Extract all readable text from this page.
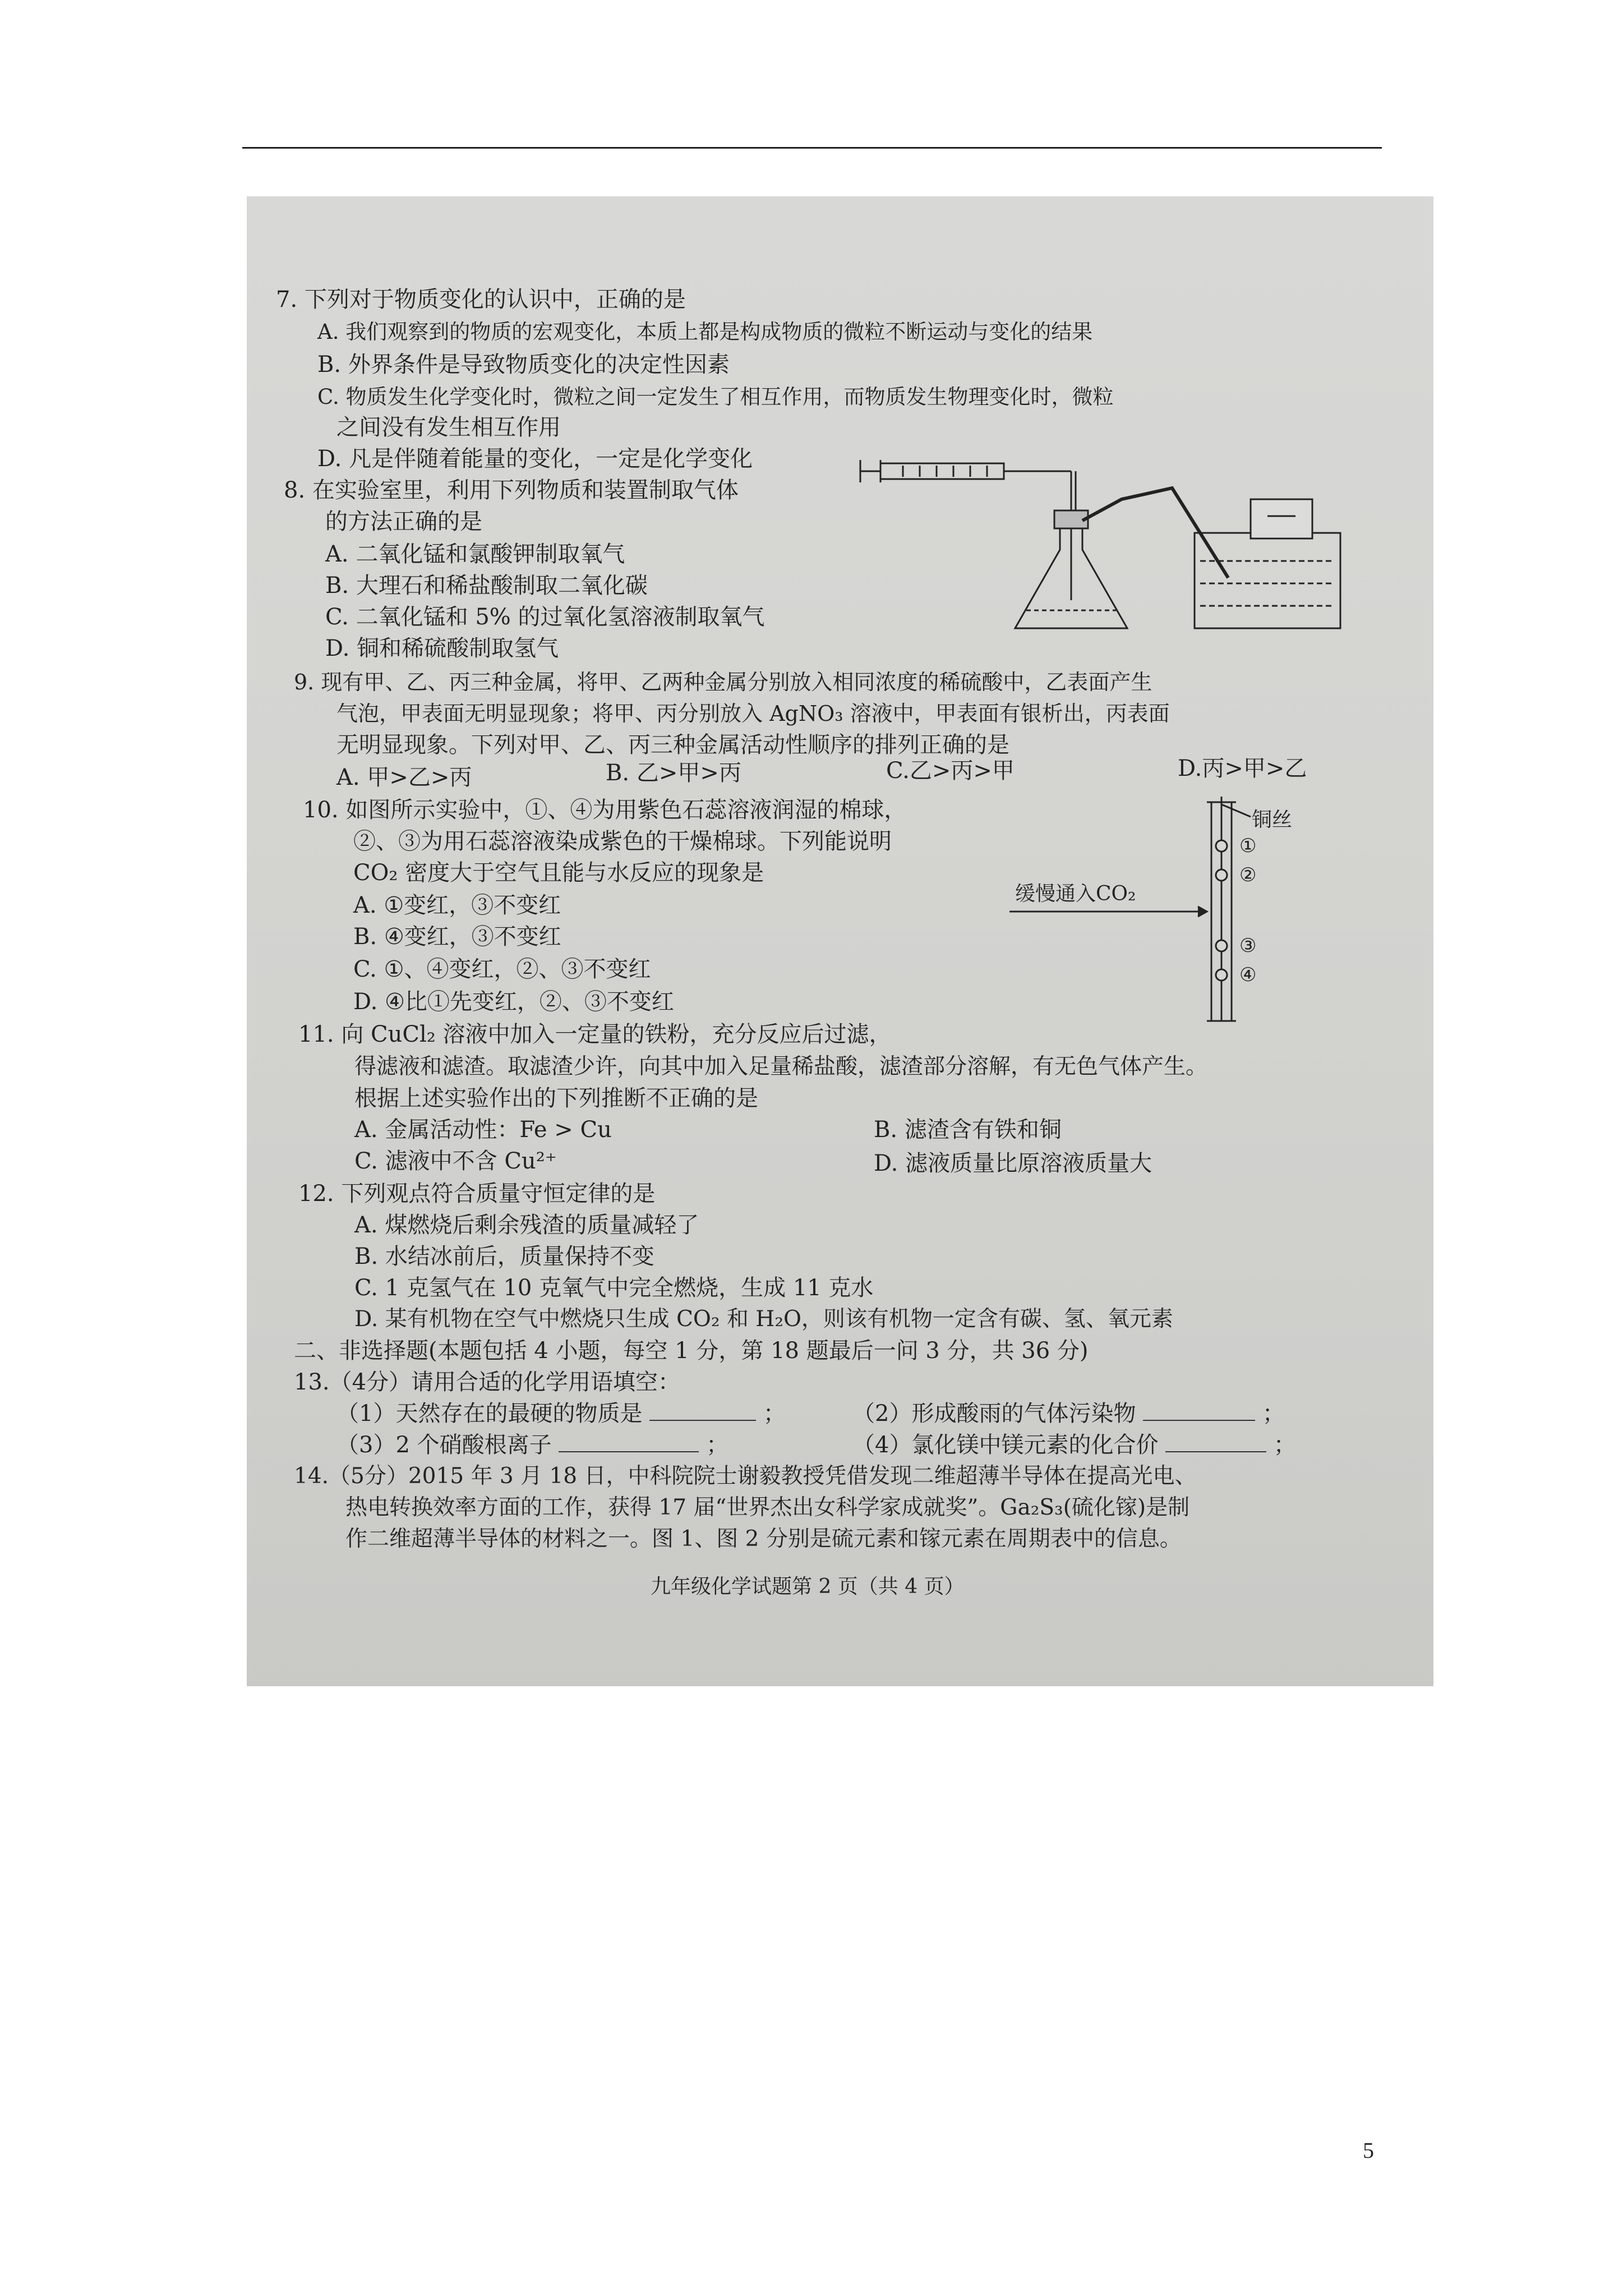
7. 下列对于物质变化的认识中，正确的是
A. 我们观察到的物质的宏观变化，本质上都是构成物质的微粒不断运动与变化的结果
B. 外界条件是导致物质变化的决定性因素
C. 物质发生化学变化时，微粒之间一定发生了相互作用，而物质发生物理变化时，微粒
之间没有发生相互作用
D. 凡是伴随着能量的变化，一定是化学变化
8. 在实验室里，利用下列物质和装置制取气体
的方法正确的是
A. 二氧化锰和氯酸钾制取氧气
B. 大理石和稀盐酸制取二氧化碳
C. 二氧化锰和 5% 的过氧化氢溶液制取氧气
D. 铜和稀硫酸制取氢气
9. 现有甲、乙、丙三种金属，将甲、乙两种金属分别放入相同浓度的稀硫酸中，乙表面产生
气泡，甲表面无明显现象；将甲、丙分别放入 AgNO₃ 溶液中，甲表面有银析出，丙表面
无明显现象。下列对甲、乙、丙三种金属活动性顺序的排列正确的是
A. 甲>乙>丙	B. 乙>甲>丙	C.乙>丙>甲	D.丙>甲>乙
10. 如图所示实验中，①、④为用紫色石蕊溶液润湿的棉球，
②、③为用石蕊溶液染成紫色的干燥棉球。下列能说明
CO₂ 密度大于空气且能与水反应的现象是
A. ①变红，③不变红
B. ④变红，③不变红
C. ①、④变红，②、③不变红
D. ④比①先变红，②、③不变红
铜丝
缓慢通入CO₂
①
②
③
④
11. 向 CuCl₂ 溶液中加入一定量的铁粉，充分反应后过滤，
得滤液和滤渣。取滤渣少许，向其中加入足量稀盐酸，滤渣部分溶解，有无色气体产生。
根据上述实验作出的下列推断不正确的是
A. 金属活动性：Fe > Cu	B. 滤渣含有铁和铜
C. 滤液中不含 Cu²⁺	D. 滤液质量比原溶液质量大
12. 下列观点符合质量守恒定律的是
A. 煤燃烧后剩余残渣的质量减轻了
B. 水结冰前后，质量保持不变
C. 1 克氢气在 10 克氧气中完全燃烧，生成 11 克水
D. 某有机物在空气中燃烧只生成 CO₂ 和 H₂O，则该有机物一定含有碳、氢、氧元素
二、非选择题(本题包括 4 小题，每空 1 分，第 18 题最后一问 3 分，共 36 分)
13.（4分）请用合适的化学用语填空：
（1）天然存在的最硬的物质是	；	（2）形成酸雨的气体污染物	；
（3）2 个硝酸根离子	；	（4）氯化镁中镁元素的化合价	；
14.（5分）2015 年 3 月 18 日，中科院院士谢毅教授凭借发现二维超薄半导体在提高光电、
热电转换效率方面的工作，获得 17 届“世界杰出女科学家成就奖”。Ga₂S₃(硫化镓)是制
作二维超薄半导体的材料之一。图 1、图 2 分别是硫元素和镓元素在周期表中的信息。
九年级化学试题第 2 页（共 4 页）
5
